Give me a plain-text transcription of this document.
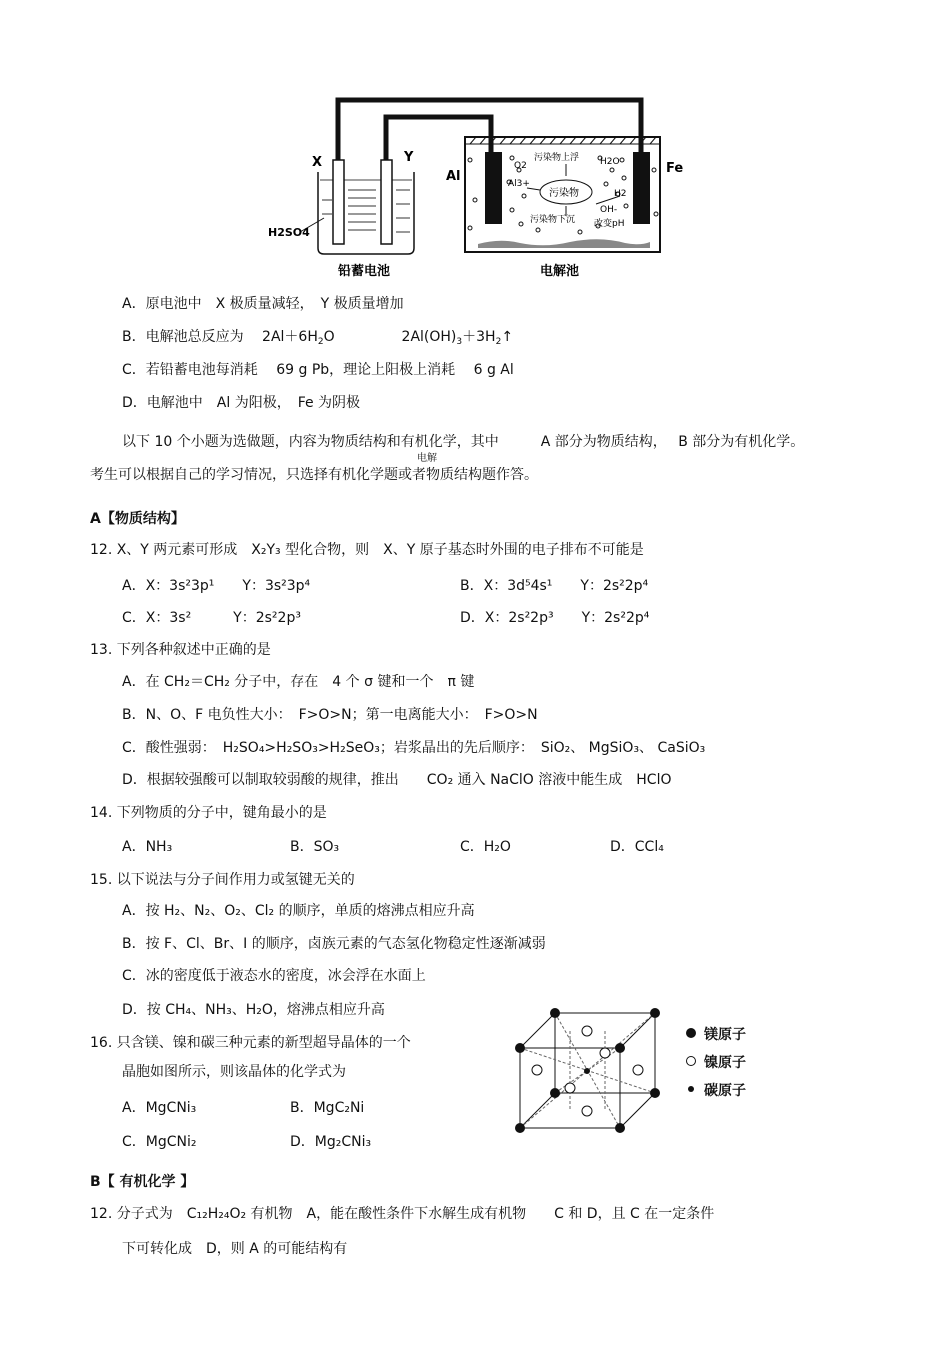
X	Y
Al
Fe
H2SO4
铅蓄电池	电解池
O2
Al3+
污染物上浮
污染物
污染物下沉
H2O
H2
OH-
改变pH
A．原电池中　X 极质量减轻，　Y 极质量增加
B．电解池总反应为　 $2Al+6H_2O$	$2Al(OH)_3+3H_2↑$
电解
C．若铅蓄电池每消耗　 69 g Pb，理论上阳极上消耗　 6 g Al
D．电解池中　Al 为阳极，　Fe 为阴极
以下 10 个小题为选做题，内容为物质结构和有机化学，其中　　　A 部分为物质结构，　 B 部分为有机化学。
考生可以根据自己的学习情况，只选择有机化学题或者物质结构题作答。
A【物质结构】
12. X、Y 两元素可形成　X₂Y₃ 型化合物，则　X、Y 原子基态时外围的电子排布不可能是
A．X：3s²3p¹　　Y：3s²3p⁴	B．X：3d⁵4s¹　　Y：2s²2p⁴
C．X：3s²　　　Y：2s²2p³	D．X：2s²2p³　　Y：2s²2p⁴
13. 下列各种叙述中正确的是
A．在 CH₂＝CH₂ 分子中，存在　4 个 σ 键和一个　π 键
B．N、O、F 电负性大小：　F>O>N；第一电离能大小：　F>O>N
C．酸性强弱：　H₂SO₄>H₂SO₃>H₂SeO₃；岩浆晶出的先后顺序：　SiO₂、 MgSiO₃、 CaSiO₃
D．根据较强酸可以制取较弱酸的规律，推出　　CO₂ 通入 NaClO 溶液中能生成　HClO
14. 下列物质的分子中，键角最小的是
A．NH₃	B．SO₃	C．H₂O	D．CCl₄
15. 以下说法与分子间作用力或氢键无关的
A．按 H₂、N₂、O₂、Cl₂ 的顺序，单质的熔沸点相应升高
B．按 F、Cl、Br、I 的顺序，卤族元素的气态氢化物稳定性逐渐减弱
C．冰的密度低于液态水的密度，冰会浮在水面上
D．按 CH₄、NH₃、H₂O，熔沸点相应升高
16. 只含镁、镍和碳三种元素的新型超导晶体的一个
晶胞如图所示，则该晶体的化学式为
A．MgCNi₃	B．MgC₂Ni
C．MgCNi₂	D．Mg₂CNi₃
镁原子
镍原子
碳原子
B【 有机化学 】
12. 分子式为　C₁₂H₂₄O₂ 有机物　A，能在酸性条件下水解生成有机物　　C 和 D，且 C 在一定条件
下可转化成　D，则 A 的可能结构有
